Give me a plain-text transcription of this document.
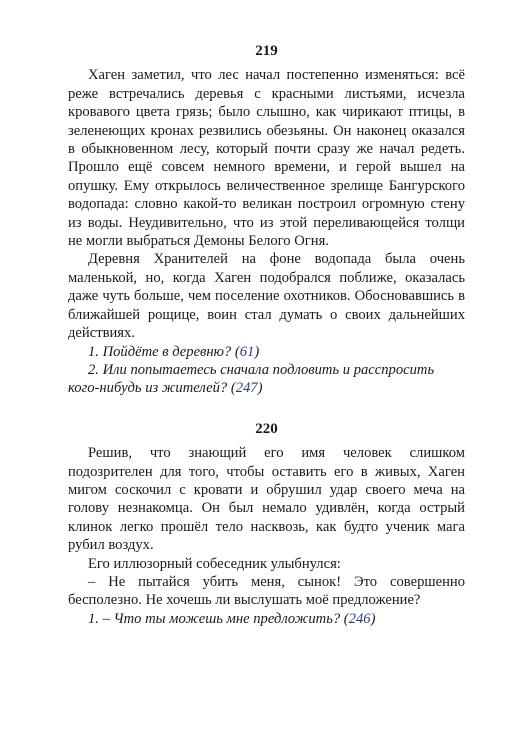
219

Хаген заметил, что лес начал постепенно изменяться: всё реже встречались деревья с красными листьями, исчезла кровавого цвета грязь; было слышно, как чирикают птицы, в зеленеющих кронах резвились обезьяны. Он наконец оказался в обыкновенном лесу, который почти сразу же начал редеть. Прошло ещё совсем немного времени, и герой вышел на опушку. Ему открылось величественное зрелище Бангурского водопада: словно какой-то великан построил огромную стену из воды. Неудивительно, что из этой переливающейся толщи не могли выбраться Демоны Белого Огня.

Деревня Хранителей на фоне водопада была очень маленькой, но, когда Хаген подобрался поближе, оказалась даже чуть больше, чем поселение охотников. Обосновавшись в ближайшей рощице, воин стал думать о своих дальнейших действиях.

1. Пойдёте в деревню? (61)
2. Или попытаетесь сначала подловить и расспросить кого-нибудь из жителей? (247)
220

Решив, что знающий его имя человек слишком подозрителен для того, чтобы оставить его в живых, Хаген мигом соскочил с кровати и обрушил удар своего меча на голову незнакомца. Он был немало удивлён, когда острый клинок легко прошёл тело насквозь, как будто ученик мага рубил воздух.

Его иллюзорный собеседник улыбнулся:

– Не пытайся убить меня, сынок! Это совершенно бесполезно. Не хочешь ли выслушать моё предложение?

1. – Что ты можешь мне предложить? (246)
